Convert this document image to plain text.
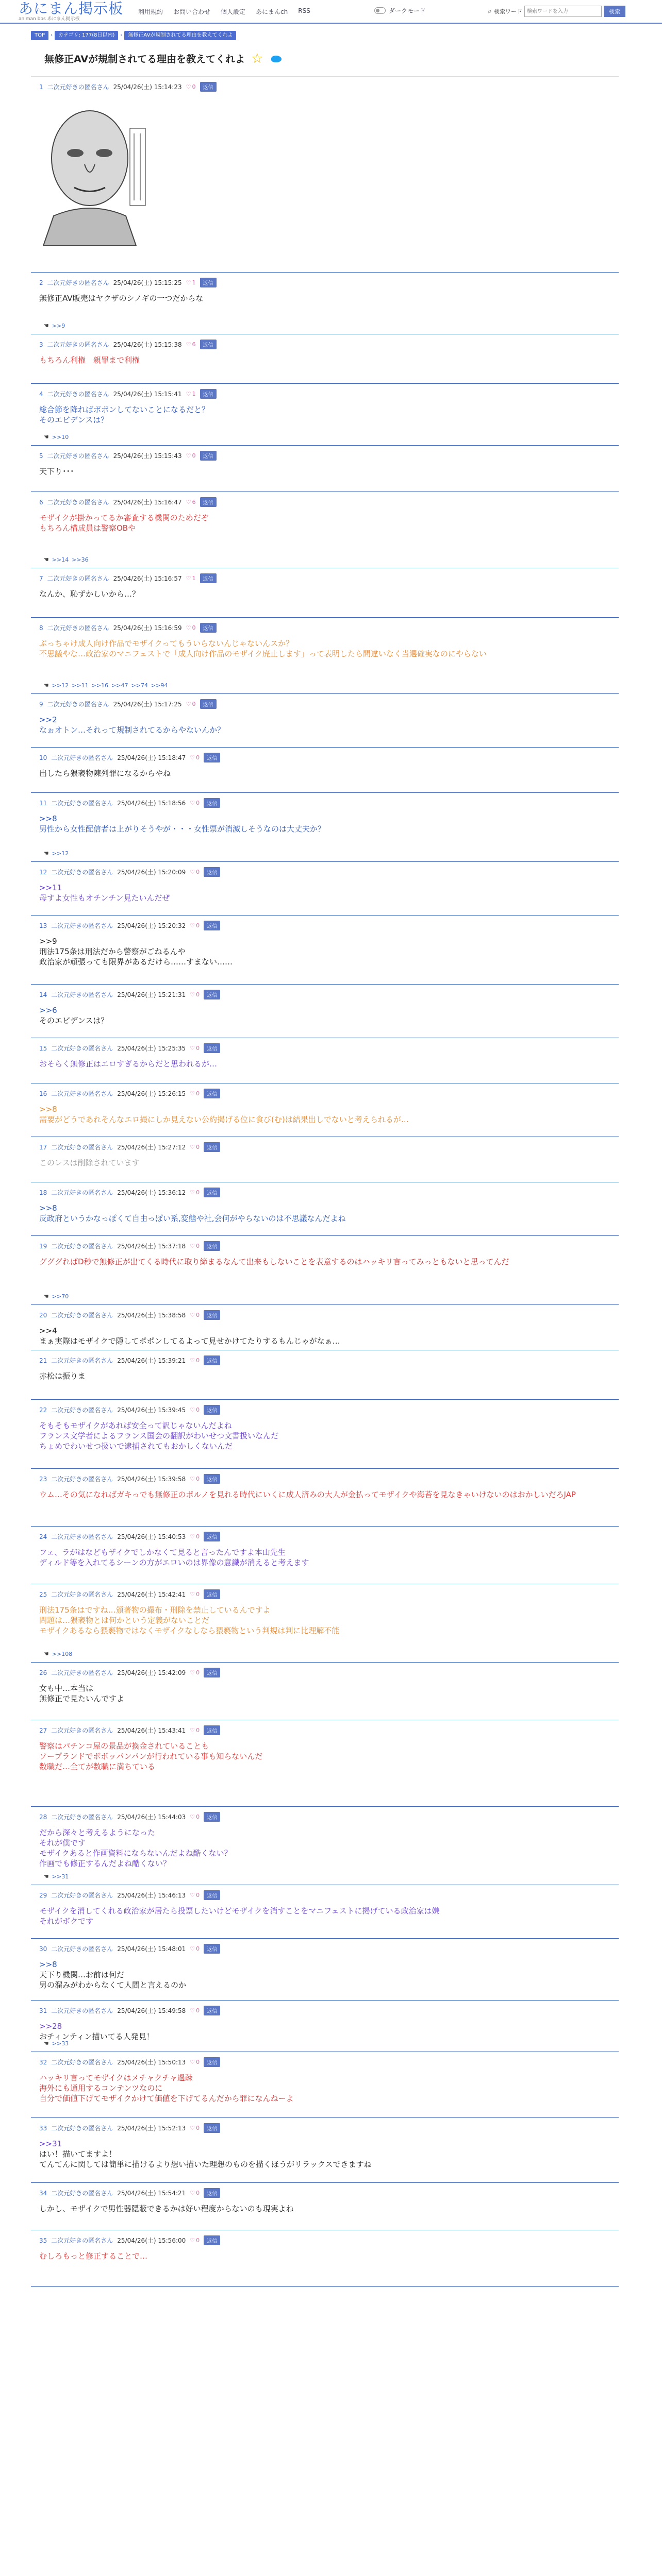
あにまん掲示板
animan bbs あにまん掲示板
利用規約 お問い合わせ 個人設定 あにまんch RSS	ダークモード	⌕ 検索ワード
検索ワードを入力	検索
TOP	›	カテゴリ: 177(8日以内)	›	無修正AVが規制されてる理由を教えてくれよ
無修正AVが規制されてる理由を教えてくれよ ☆
1 二次元好きの匿名さん 25/04/26(土) 15:14:23	♡ 0	返信
2 二次元好きの匿名さん 25/04/26(土) 15:15:25	♡ 1	返信
無修正AV販売はヤクザのシノギの一つだからな
☚ >>9
3 二次元好きの匿名さん 25/04/26(土) 15:15:38	♡ 6	返信
もちろん利権　親罪まで利権
4 二次元好きの匿名さん 25/04/26(土) 15:15:41	♡ 1	返信
総合節を降ればポポンしてないことになるだと？
そのエビデンスは？
☚ >>10
5 二次元好きの匿名さん 25/04/26(土) 15:15:43	♡ 0	返信
天下り･･･
6 二次元好きの匿名さん 25/04/26(土) 15:16:47	♡ 6	返信
モザイクが掛かってるか審査する機関のためだぞ
もちろん構成員は警察OBや
☚ >>14 >>36
7 二次元好きの匿名さん 25/04/26(土) 15:16:57	♡ 1	返信
なんか、恥ずかしいから…？
8 二次元好きの匿名さん 25/04/26(土) 15:16:59	♡ 0	返信
ぶっちゃけ成人向け作品でモザイクってもういらないんじゃないんスか？
不思議やな…政治家のマニフェストで「成人向け作品のモザイク廃止します」って表明したら間違いなく当選確実なのにやらない
☚ >>12 >>11 >>16 >>47 >>74 >>94
9 二次元好きの匿名さん 25/04/26(土) 15:17:25	♡ 0	返信
>>2
なぉオトン…それって規制されてるからやないんか？
10 二次元好きの匿名さん 25/04/26(土) 15:18:47	♡ 0	返信
出したら猥褻物陳列罪になるからやね
11 二次元好きの匿名さん 25/04/26(土) 15:18:56	♡ 0	返信
>>8
男性から女性配信者は上がりそうやが・・・女性票が消滅しそうなのは大丈夫か？
☚ >>12
12 二次元好きの匿名さん 25/04/26(土) 15:20:09	♡ 0	返信
>>11
母すよ女性もオチンチン見たいんだぜ
13 二次元好きの匿名さん 25/04/26(土) 15:20:32	♡ 0	返信
>>9
刑法175条は刑法だから警察がごねるんや
政治家が頑張っても限界があるだけら……すまない……
14 二次元好きの匿名さん 25/04/26(土) 15:21:31	♡ 0	返信
>>6
そのエビデンスは？
15 二次元好きの匿名さん 25/04/26(土) 15:25:35	♡ 0	返信
おそらく無修正はエロすぎるからだと思われるが…
16 二次元好きの匿名さん 25/04/26(土) 15:26:15	♡ 0	返信
>>8
需要がどうであれそんなエロ撮にしか見えない公約掲げる位に食び(む)は結果出しでないと考えられるが…
17 二次元好きの匿名さん 25/04/26(土) 15:27:12	♡ 0	返信
このレスは削除されています
18 二次元好きの匿名さん 25/04/26(土) 15:36:12	♡ 0	返信
>>8
反政府というかなっぽくて自由っぽい系,変態や社,会何がやらないのは不思議なんだよね
19 二次元好きの匿名さん 25/04/26(土) 15:37:18	♡ 0	返信
グググればD秒で無修正が出てくる時代に取り締まるなんて出来もしないことを表意するのはハッキリ言ってみっともないと思ってんだ
☚ >>70
20 二次元好きの匿名さん 25/04/26(土) 15:38:58	♡ 0	返信
>>4
まぁ実際はモザイクで隠してポポンしてるよって見せかけてたりするもんじゃがなぁ…
21 二次元好きの匿名さん 25/04/26(土) 15:39:21	♡ 0	返信
赤松は振りま
22 二次元好きの匿名さん 25/04/26(土) 15:39:45	♡ 0	返信
そもそもモザイクがあれば安全って訳じゃないんだよね
フランス文学者によるフランス国会の翻訳がわいせつ文書扱いなんだ
ちょめでわいせつ扱いで逮捕されてもおかしくないんだ
23 二次元好きの匿名さん 25/04/26(土) 15:39:58	♡ 0	返信
ウム…その気になればガキっでも無修正のポルノを見れる時代にいくに成人済みの大人が金払ってモザイクや海苔を見なきゃいけないのはおかしいだろJAP
24 二次元好きの匿名さん 25/04/26(土) 15:40:53	♡ 0	返信
フェ、ラがはなどもザイクでしかなくて見ると言ったんですよ本山先生
ディルド等を入れてるシーンの方がエロいのは界像の意識が消えると考えます
25 二次元好きの匿名さん 25/04/26(土) 15:42:41	♡ 0	返信
刑法175条はですね…頒著物の撮布・刑除を禁止しているんですよ
問題は…猥褻物とは何かという定義がないことだ
モザイクあるなら猥褻物ではなくモザイクなしなら猥褻物という判規は判に比理解不能
☚ >>108
26 二次元好きの匿名さん 25/04/26(土) 15:42:09	♡ 0	返信
女も中…本当は
無修正で見たいんですよ
27 二次元好きの匿名さん 25/04/26(土) 15:43:41	♡ 0	返信
警察はパチンコ屋の景品が換金されていることも
ソープランドでボボッパンパンが行われている事も知らないんだ
数職だ…全てが数職に満ちている
28 二次元好きの匿名さん 25/04/26(土) 15:44:03	♡ 0	返信
だから深々と考えるようになった
それが僕です
モザイクあると作画資料にならないんだよね酷くない？
作画でも修正するんだよね酷くない？
☚ >>31
29 二次元好きの匿名さん 25/04/26(土) 15:46:13	♡ 0	返信
モザイクを消してくれる政治家が居たら投票したいけどモザイクを消すことをマニフェストに掲げている政治家は嫌
それがボクです
30 二次元好きの匿名さん 25/04/26(土) 15:48:01	♡ 0	返信
>>8
天下り機関…お前は何だ
男の溜みがわからなくて人間と言えるのか
31 二次元好きの匿名さん 25/04/26(土) 15:49:58	♡ 0	返信
>>28
おチィンティン描いてる人発見！
☚ >>33
32 二次元好きの匿名さん 25/04/26(土) 15:50:13	♡ 0	返信
ハッキリ言ってモザイクはメチャクチャ過疎
海外にも通用するコンテンツなのに
自分で価値下げてモザイクかけて価値を下げてるんだから罪になんねーよ
33 二次元好きの匿名さん 25/04/26(土) 15:52:13	♡ 0	返信
>>31
はい！描いてますよ！
てんてんに関しては簡単に描けるより想い描いた理想のものを描くほうがリラックスできますね
34 二次元好きの匿名さん 25/04/26(土) 15:54:21	♡ 0	返信
しかし、モザイクで男性器隠蔽できるかは好い程度からないのも現実よね
35 二次元好きの匿名さん 25/04/26(土) 15:56:00	♡ 0	返信
むしろもっと修正することで…
